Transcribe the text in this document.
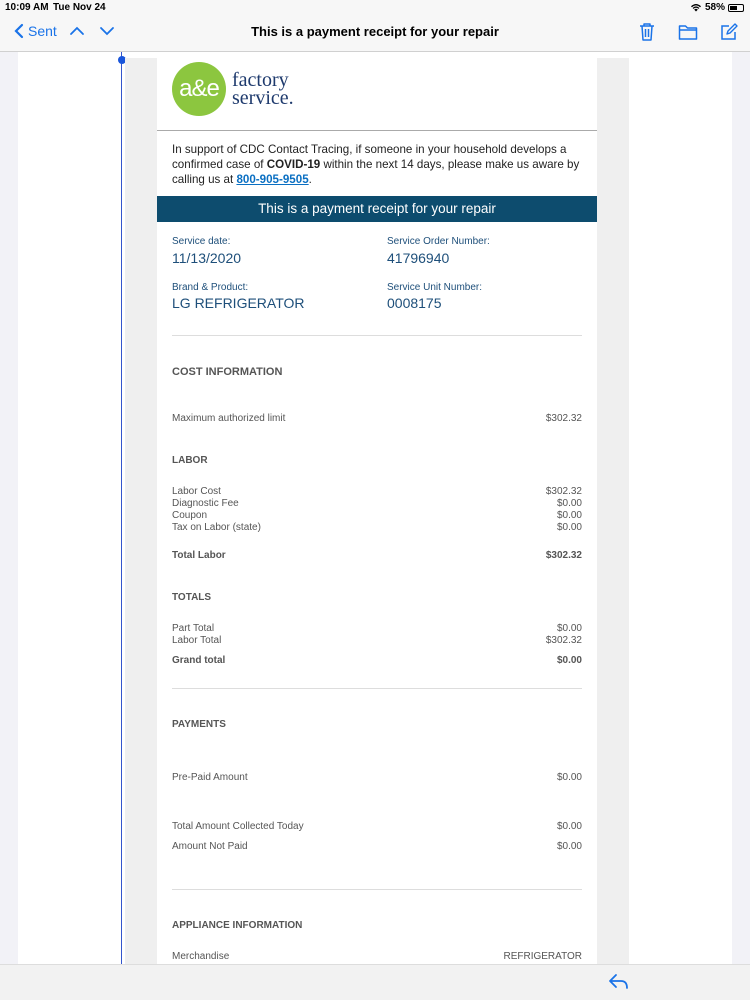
10:09 AM Tue Nov 24	58%
Sent	This is a payment receipt for your repair
a&e factory
service.
In support of CDC Contact Tracing, if someone in your household develops a confirmed case of COVID-19 within the next 14 days, please make us aware by calling us at 800-905-9505.
This is a payment receipt for your repair
Service date:
11/13/2020
Service Order Number:
41796940
Brand & Product:
LG REFRIGERATOR
Service Unit Number:
0008175
COST INFORMATION
Maximum authorized limit	$302.32
LABOR
Labor Cost	$302.32
Diagnostic Fee	$0.00
Coupon	$0.00
Tax on Labor (state)	$0.00
Total Labor	$302.32
TOTALS
Part Total	$0.00
Labor Total	$302.32
Grand total	$0.00
PAYMENTS
Pre-Paid Amount	$0.00
Total Amount Collected Today	$0.00
Amount Not Paid	$0.00
APPLIANCE INFORMATION
Merchandise	REFRIGERATOR
